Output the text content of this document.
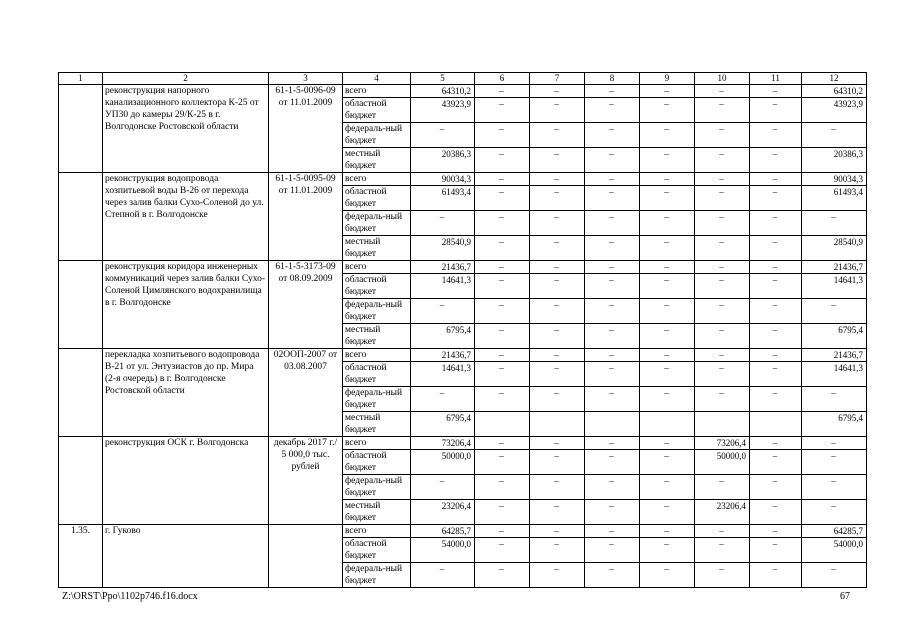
1	2	3	4	5	6	7	8	9	10	11	12
	реконструкция напорного канализационного коллектора К-25 от УП30 до камеры 29/К-25 в г. Волгодонске Ростовской области	61-1-5-0096-09 от 11.01.2009	всего	64310,2	–	–	–	–	–	–	64310,2
			областной бюджет	43923,9	–	–	–	–	–	–	43923,9
			федераль-ный бюджет	–	–	–	–	–	–	–	–
			местный бюджет	20386,3	–	–	–	–	–	–	20386,3
	реконструкция водопровода хозпитьевой воды В-26 от перехода через залив балки Сухо-Соленой до ул. Степной в г. Волгодонске	61-1-5-0095-09 от 11.01.2009	всего	90034,3	–	–	–	–	–	–	90034,3
			областной бюджет	61493,4	–	–	–	–	–	–	61493,4
			федераль-ный бюджет	–	–	–	–	–	–	–	–
			местный бюджет	28540,9	–	–	–	–	–	–	28540,9
	реконструкция коридора инженерных коммуникаций через залив балки Сухо-Соленой Цимлянского водохранилища в г. Волгодонске	61-1-5-3173-09 от 08.09.2009	всего	21436,7	–	–	–	–	–	–	21436,7
			областной бюджет	14641,3	–	–	–	–	–	–	14641,3
			федераль-ный бюджет	–	–	–	–	–	–	–	–
			местный бюджет	6795,4	–	–	–	–	–	–	6795,4
	перекладка хозпитьевого водопровода В-21 от ул. Энтузиастов до пр. Мира (2-я очередь) в г. Волгодонске Ростовской области	02ООП-2007 от 03.08.2007	всего	21436,7	–	–	–	–	–	–	21436,7
			областной бюджет	14641,3	–	–	–	–	–	–	14641,3
			федераль-ный бюджет	–	–	–	–	–	–	–	–
			местный бюджет	6795,4							6795,4
	реконструкция ОСК г. Волгодонска	декабрь 2017 г./ 5 000,0 тыс. рублей	всего	73206,4	–	–	–	–	73206,4	–	–
			областной бюджет	50000,0	–	–	–	–	50000,0	–	–
			федераль-ный бюджет	–	–	–	–	–	–	–	–
			местный бюджет	23206,4	–	–	–	–	23206,4	–	–
1.35.	г. Гуково		всего	64285,7	–	–	–	–	–	–	64285,7
			областной бюджет	54000,0	–	–	–	–	–	–	54000,0
			федераль-ный бюджет	–	–	–	–	–	–	–	–
Z:\ORST\Ppo\1102p746.f16.docx	67
